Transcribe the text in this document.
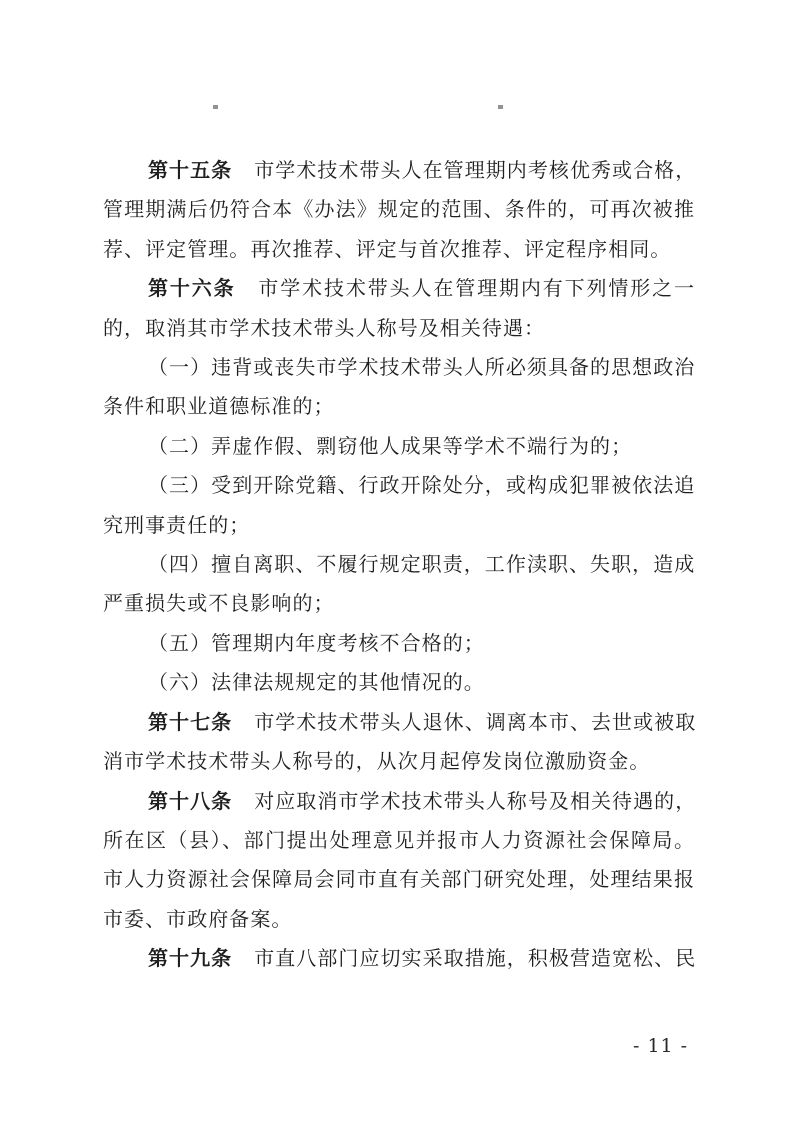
第十五条 市学术技术带头人在管理期内考核优秀或合格，
管理期满后仍符合本《办法》规定的范围、条件的，可再次被推
荐、评定管理。再次推荐、评定与首次推荐、评定程序相同。
第十六条 市学术技术带头人在管理期内有下列情形之一
的，取消其市学术技术带头人称号及相关待遇：
（一）违背或丧失市学术技术带头人所必须具备的思想政治
条件和职业道德标准的；
（二）弄虚作假、剽窃他人成果等学术不端行为的；
（三）受到开除党籍、行政开除处分，或构成犯罪被依法追
究刑事责任的；
（四）擅自离职、不履行规定职责，工作渎职、失职，造成
严重损失或不良影响的；
（五）管理期内年度考核不合格的；
（六）法律法规规定的其他情况的。
第十七条 市学术技术带头人退休、调离本市、去世或被取
消市学术技术带头人称号的，从次月起停发岗位激励资金。
第十八条 对应取消市学术技术带头人称号及相关待遇的，
所在区（县）、部门提出处理意见并报市人力资源社会保障局。
市人力资源社会保障局会同市直有关部门研究处理，处理结果报
市委、市政府备案。
第十九条 市直八部门应切实采取措施，积极营造宽松、民
- 11 -
